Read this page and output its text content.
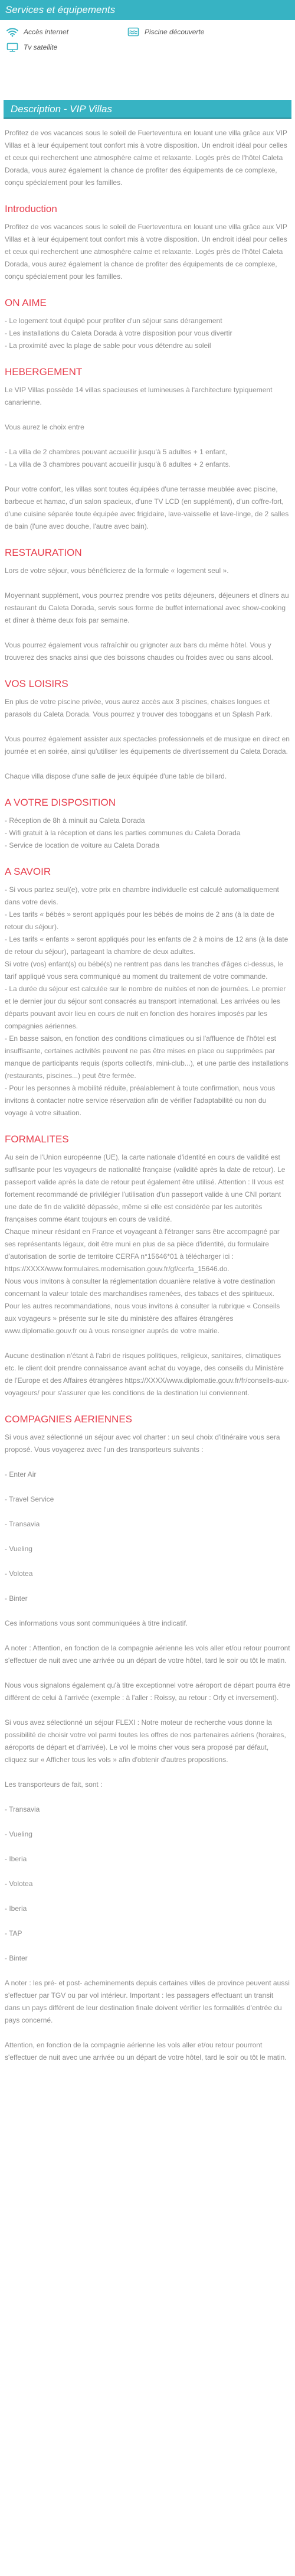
Services et équipements
Accès internet	Piscine découverte
Tv satellite
Description - VIP Villas

Profitez de vos vacances sous le soleil de Fuerteventura en louant une villa grâce aux VIP Villas et à leur équipement tout confort mis à votre disposition. Un endroit idéal pour celles et ceux qui recherchent une atmosphère calme et relaxante. Logés près de l'hôtel Caleta Dorada, vous aurez également la chance de profiter des équipements de ce complexe, conçu spécialement pour les familles.

Introduction

Profitez de vos vacances sous le soleil de Fuerteventura en louant une villa grâce aux VIP Villas et à leur équipement tout confort mis à votre disposition. Un endroit idéal pour celles et ceux qui recherchent une atmosphère calme et relaxante. Logés près de l'hôtel Caleta Dorada, vous aurez également la chance de profiter des équipements de ce complexe, conçu spécialement pour les familles.

ON AIME

- Le logement tout équipé pour profiter d'un séjour sans dérangement

- Les installations du Caleta Dorada à votre disposition pour vous divertir

- La proximité avec la plage de sable pour vous détendre au soleil

HEBERGEMENT

Le VIP Villas possède 14 villas spacieuses et lumineuses à l'architecture typiquement canarienne.

Vous aurez le choix entre

- La villa de 2 chambres pouvant accueillir jusqu'à 5 adultes + 1 enfant,

- La villa de 3 chambres pouvant accueillir jusqu'à 6 adultes + 2 enfants.

Pour votre confort, les villas sont toutes équipées d'une terrasse meublée avec piscine, barbecue et hamac, d'un salon spacieux, d'une TV LCD (en supplément), d'un coffre-fort, d'une cuisine séparée toute équipée avec frigidaire, lave-vaisselle et lave-linge, de 2 salles de bain (l'une avec douche, l'autre avec bain).

RESTAURATION

Lors de votre séjour, vous bénéficierez de la formule « logement seul ».

Moyennant supplément, vous pourrez prendre vos petits déjeuners, déjeuners et dîners au restaurant du Caleta Dorada, servis sous forme de buffet international avec show-cooking et dîner à thème deux fois par semaine.

Vous pourrez également vous rafraîchir ou grignoter aux bars du même hôtel. Vous y trouverez des snacks ainsi que des boissons chaudes ou froides avec ou sans alcool.

VOS LOISIRS

En plus de votre piscine privée, vous aurez accès aux 3 piscines, chaises longues et parasols du Caleta Dorada. Vous pourrez y trouver des toboggans et un Splash Park.

Vous pourrez également assister aux spectacles professionnels et de musique en direct en journée et en soirée, ainsi qu'utiliser les équipements de divertissement du Caleta Dorada.

Chaque villa dispose d'une salle de jeux équipée d'une table de billard.

A VOTRE DISPOSITION

- Réception de 8h à minuit au Caleta Dorada

- Wifi gratuit à la réception et dans les parties communes du Caleta Dorada

- Service de location de voiture au Caleta Dorada

A SAVOIR

- Si vous partez seul(e), votre prix en chambre individuelle est calculé automatiquement dans votre devis.

- Les tarifs « bébés » seront appliqués pour les bébés de moins de 2 ans (à la date de retour du séjour).

- Les tarifs « enfants » seront appliqués pour les enfants de 2 à moins de 12 ans (à la date de retour du séjour), partageant la chambre de deux adultes.

Si votre (vos) enfant(s) ou bébé(s) ne rentrent pas dans les tranches d'âges ci-dessus, le tarif appliqué vous sera communiqué au moment du traitement de votre commande.

- La durée du séjour est calculée sur le nombre de nuitées et non de journées. Le premier et le dernier jour du séjour sont consacrés au transport international. Les arrivées ou les départs pouvant avoir lieu en cours de nuit en fonction des horaires imposés par les compagnies aériennes.

- En basse saison, en fonction des conditions climatiques ou si l'affluence de l'hôtel est insuffisante, certaines activités peuvent ne pas être mises en place ou supprimées par manque de participants requis (sports collectifs, mini-club...), et une partie des installations (restaurants, piscines...) peut être fermée.

- Pour les personnes à mobilité réduite, préalablement à toute confirmation, nous vous invitons à contacter notre service réservation afin de vérifier l'adaptabilité ou non du voyage à votre situation.

FORMALITES

Au sein de l'Union européenne (UE), la carte nationale d'identité en cours de validité est suffisante pour les voyageurs de nationalité française (validité après la date de retour). Le passeport valide après la date de retour peut également être utilisé. Attention : Il vous est fortement recommandé de privilégier l'utilisation d'un passeport valide à une CNI portant une date de fin de validité dépassée, même si elle est considérée par les autorités françaises comme étant toujours en cours de validité.

Chaque mineur résidant en France et voyageant à l'étranger sans être accompagné par ses représentants légaux, doit être muni en plus de sa pièce d'identité, du formulaire d'autorisation de sortie de territoire CERFA n°15646*01 à télécharger ici :

https://XXXX/www.formulaires.modernisation.gouv.fr/gf/cerfa_15646.do.

Nous vous invitons à consulter la réglementation douanière relative à votre destination concernant la valeur totale des marchandises ramenées, des tabacs et des spiritueux.

Pour les autres recommandations, nous vous invitons à consulter la rubrique « Conseils aux voyageurs » présente sur le site du ministère des affaires étrangères www.diplomatie.gouv.fr ou à vous renseigner auprès de votre mairie.

Aucune destination n'étant à l'abri de risques politiques, religieux, sanitaires, climatiques etc. le client doit prendre connaissance avant achat du voyage, des conseils du Ministère de l'Europe et des Affaires étrangères https://XXXX/www.diplomatie.gouv.fr/fr/conseils-aux-voyageurs/ pour s'assurer que les conditions de la destination lui conviennent.

COMPAGNIES AERIENNES

Si vous avez sélectionné un séjour avec vol charter : un seul choix d'itinéraire vous sera proposé. Vous voyagerez avec l'un des transporteurs suivants :

- Enter Air

- Travel Service

- Transavia

- Vueling

- Volotea

- Binter

Ces informations vous sont communiquées à titre indicatif.

A noter : Attention, en fonction de la compagnie aérienne les vols aller et/ou retour pourront s'effectuer de nuit avec une arrivée ou un départ de votre hôtel, tard le soir ou tôt le matin.

Nous vous signalons également qu'à titre exceptionnel votre aéroport de départ pourra être différent de celui à l'arrivée (exemple : à l'aller : Roissy, au retour : Orly et inversement).

Si vous avez sélectionné un séjour FLEXI : Notre moteur de recherche vous donne la possibilité de choisir votre vol parmi toutes les offres de nos partenaires aériens (horaires, aéroports de départ et d'arrivée). Le vol le moins cher vous sera proposé par défaut, cliquez sur « Afficher tous les vols » afin d'obtenir d'autres propositions.

Les transporteurs de fait, sont :

- Transavia

- Vueling

- Iberia

- Volotea

- Iberia

- TAP

- Binter

A noter : les pré- et post- acheminements depuis certaines villes de province peuvent aussi s'effectuer par TGV ou par vol intérieur. Important : les passagers effectuant un transit dans un pays différent de leur destination finale doivent vérifier les formalités d'entrée du pays concerné.

Attention, en fonction de la compagnie aérienne les vols aller et/ou retour pourront s'effectuer de nuit avec une arrivée ou un départ de votre hôtel, tard le soir ou tôt le matin.
